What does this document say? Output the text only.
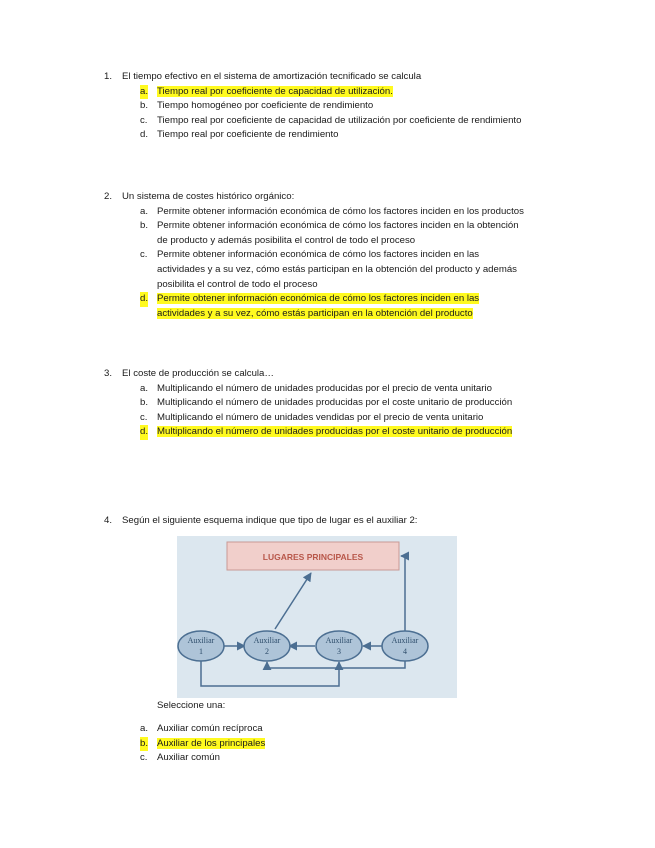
1. El tiempo efectivo en el sistema de amortización tecnificado se calcula
a. Tiempo real por coeficiente de capacidad de utilización.
b. Tiempo homogéneo por coeficiente de rendimiento
c. Tiempo real por coeficiente de capacidad de utilización por coeficiente de rendimiento
d. Tiempo real por coeficiente de rendimiento
2. Un sistema de costes histórico orgánico:
a. Permite obtener información económica de cómo los factores inciden en los productos
b. Permite obtener información económica de cómo los factores inciden en la obtención de producto y además posibilita el control de todo el proceso
c. Permite obtener información económica de cómo los factores inciden en las actividades y a su vez, cómo estás participan en la obtención del producto y además posibilita el control de todo el proceso
d. Permite obtener información económica de cómo los factores inciden en las actividades y a su vez, cómo estás participan en la obtención del producto
3. El coste de producción se calcula…
a. Multiplicando el número de unidades producidas por el precio de venta unitario
b. Multiplicando el número de unidades producidas por el coste unitario de producción
c. Multiplicando el número de unidades vendidas por el precio de venta unitario
d. Multiplicando el número de unidades producidas por el coste unitario de producción
4. Según el siguiente esquema indique que tipo de lugar es el auxiliar 2:
LUGARES PRINCIPALES
Auxiliar
1
Auxiliar
2
Auxiliar
3
Auxiliar
4
Seleccione una:
a. Auxiliar común recíproca
b. Auxiliar de los principales
c. Auxiliar común
